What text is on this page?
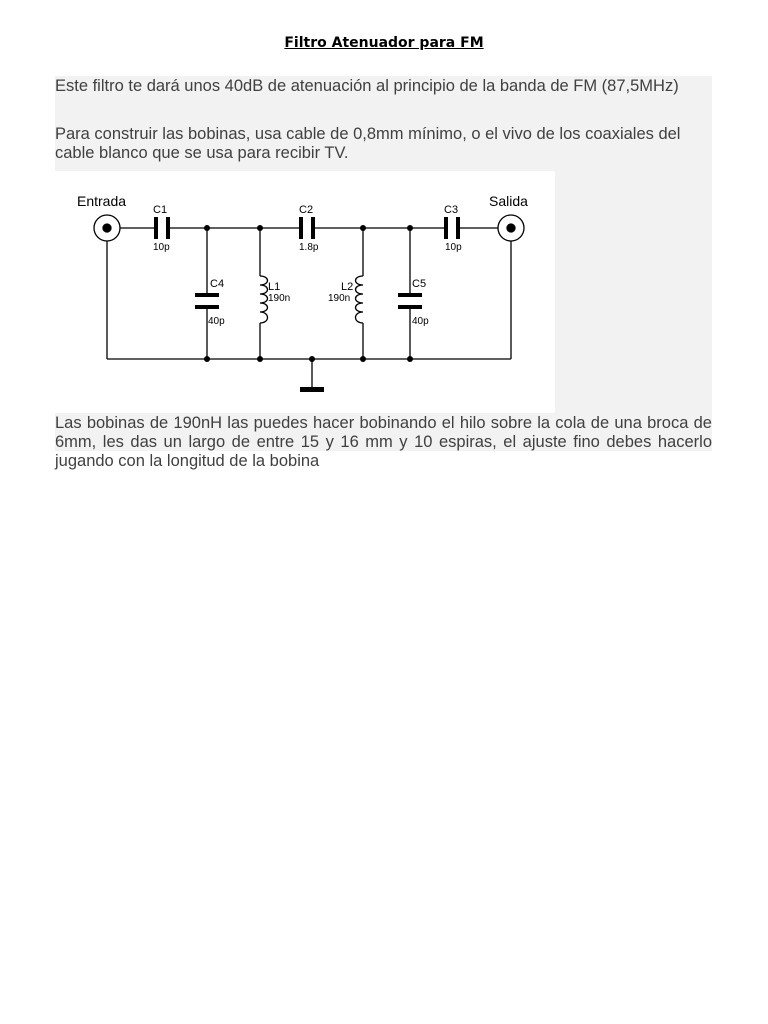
Filtro Atenuador para FM
Este filtro te dará unos 40dB de atenuación al principio de la banda de FM (87,5MHz)
Para construir las bobinas, usa cable de 0,8mm mínimo, o el vivo de los coaxiales del cable blanco que se usa para recibir TV.
Entrada	Salida
C1
10p
C2
1.8p
C3
10p
C4
40p
L1
190n
L2
190n
C5
40p
Las bobinas de 190nH las puedes hacer bobinando el hilo sobre la cola de una broca de 6mm, les das un largo de entre 15 y 16 mm y 10 espiras, el ajuste fino debes hacerlo jugando con la longitud de la bobina
